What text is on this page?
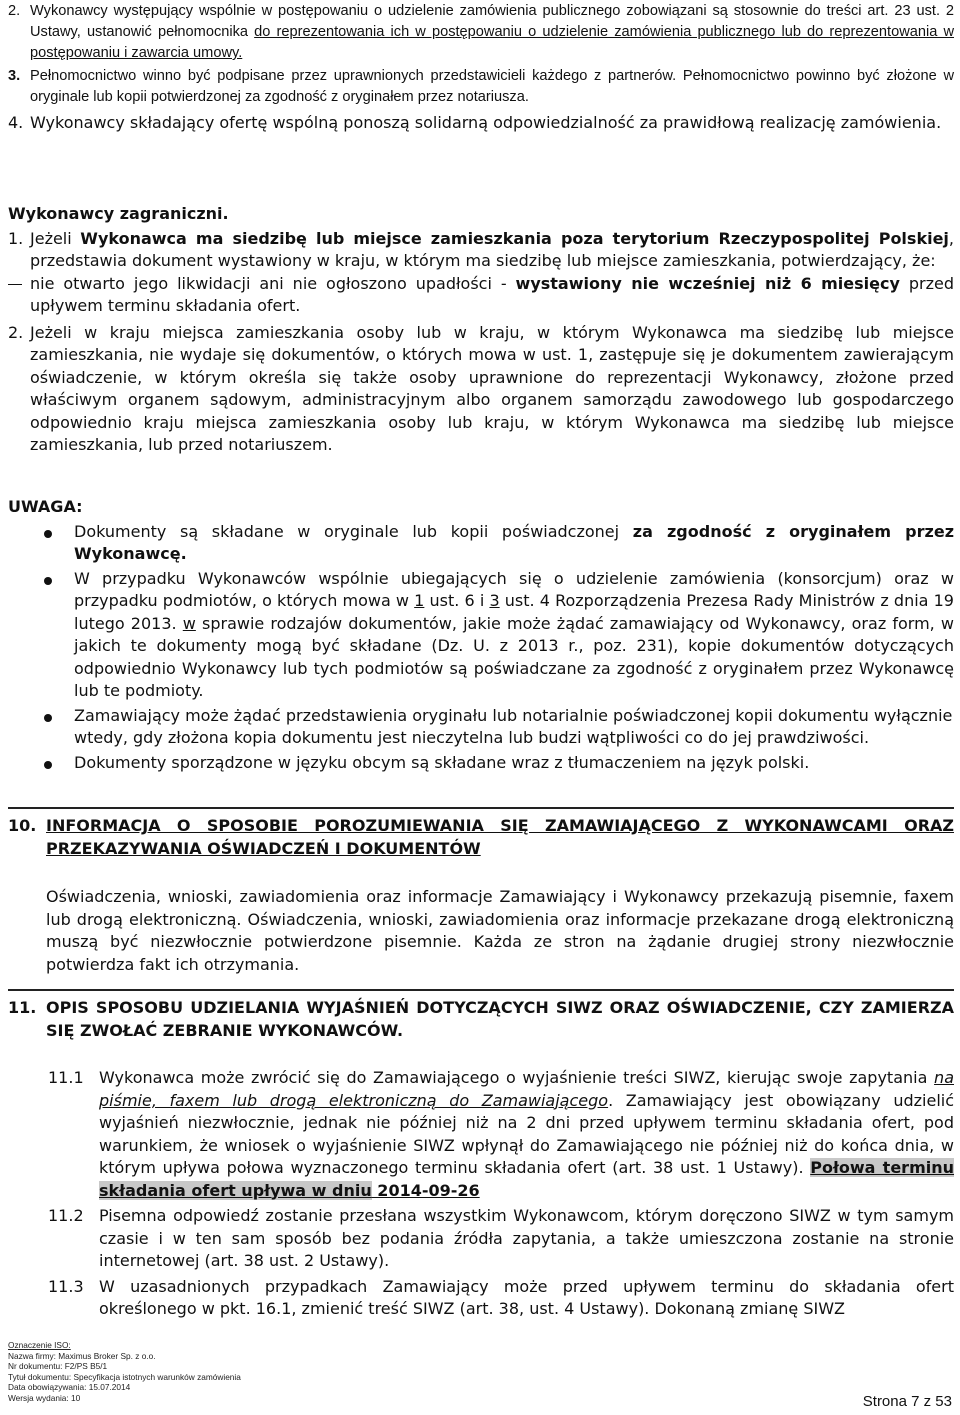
2. Wykonawcy występujący wspólnie w postępowaniu o udzielenie zamówienia publicznego zobowiązani są stosownie do treści art. 23 ust. 2 Ustawy, ustanowić pełnomocnika do reprezentowania ich w postępowaniu o udzielenie zamówienia publicznego lub do reprezentowania w postępowaniu i zawarcia umowy.
3. Pełnomocnictwo winno być podpisane przez uprawnionych przedstawicieli każdego z partnerów. Pełnomocnictwo powinno być złożone w oryginale lub kopii potwierdzonej za zgodność z oryginałem przez notariusza.
4. Wykonawcy składający ofertę wspólną ponoszą solidarną odpowiedzialność za prawidłową realizację zamówienia.
Wykonawcy zagraniczni.
1. Jeżeli Wykonawca ma siedzibę lub miejsce zamieszkania poza terytorium Rzeczypospolitej Polskiej, przedstawia dokument wystawiony w kraju, w którym ma siedzibę lub miejsce zamieszkania, potwierdzający, że:
nie otwarto jego likwidacji ani nie ogłoszono upadłości - wystawiony nie wcześniej niż 6 miesięcy przed upływem terminu składania ofert.
2. Jeżeli w kraju miejsca zamieszkania osoby lub w kraju, w którym Wykonawca ma siedzibę lub miejsce zamieszkania, nie wydaje się dokumentów, o których mowa w ust. 1, zastępuje się je dokumentem zawierającym oświadczenie, w którym określa się także osoby uprawnione do reprezentacji Wykonawcy, złożone przed właściwym organem sądowym, administracyjnym albo organem samorządu zawodowego lub gospodarczego odpowiednio kraju miejsca zamieszkania osoby lub kraju, w którym Wykonawca ma siedzibę lub miejsce zamieszkania, lub przed notariuszem.
UWAGA:
Dokumenty są składane w oryginale lub kopii poświadczonej za zgodność z oryginałem przez Wykonawcę.
W przypadku Wykonawców wspólnie ubiegających się o udzielenie zamówienia (konsorcjum) oraz w przypadku podmiotów, o których mowa w 1 ust. 6 i 3 ust. 4 Rozporządzenia Prezesa Rady Ministrów z dnia 19 lutego 2013. w sprawie rodzajów dokumentów, jakie może żądać zamawiający od Wykonawcy, oraz form, w jakich te dokumenty mogą być składane (Dz. U. z 2013 r., poz. 231), kopie dokumentów dotyczących odpowiednio Wykonawcy lub tych podmiotów są poświadczane za zgodność z oryginałem przez Wykonawcę lub te podmioty.
Zamawiający może żądać przedstawienia oryginału lub notarialnie poświadczonej kopii dokumentu wyłącznie wtedy, gdy złożona kopia dokumentu jest nieczytelna lub budzi wątpliwości co do jej prawdziwości.
Dokumenty sporządzone w języku obcym są składane wraz z tłumaczeniem na język polski.
10. INFORMACJA O SPOSOBIE POROZUMIEWANIA SIĘ ZAMAWIAJĄCEGO Z WYKONAWCAMI ORAZ PRZEKAZYWANIA OŚWIADCZEŃ I DOKUMENTÓW
Oświadczenia, wnioski, zawiadomienia oraz informacje Zamawiający i Wykonawcy przekazują pisemnie, faxem lub drogą elektroniczną. Oświadczenia, wnioski, zawiadomienia oraz informacje przekazane drogą elektroniczną muszą być niezwłocznie potwierdzone pisemnie. Każda ze stron na żądanie drugiej strony niezwłocznie potwierdza fakt ich otrzymania.
11. OPIS SPOSOBU UDZIELANIA WYJAŚNIEŃ DOTYCZĄCYCH SIWZ ORAZ OŚWIADCZENIE, CZY ZAMIERZA SIĘ ZWOŁAĆ ZEBRANIE WYKONAWCÓW.
11.1 Wykonawca może zwrócić się do Zamawiającego o wyjaśnienie treści SIWZ, kierując swoje zapytania na piśmie, faxem lub drogą elektroniczną do Zamawiającego. Zamawiający jest obowiązany udzielić wyjaśnień niezwłocznie, jednak nie później niż na 2 dni przed upływem terminu składania ofert, pod warunkiem, że wniosek o wyjaśnienie SIWZ wpłynął do Zamawiającego nie później niż do końca dnia, w którym upływa połowa wyznaczonego terminu składania ofert (art. 38 ust. 1 Ustawy). Połowa terminu składania ofert upływa w dniu 2014-09-26
11.2 Pisemna odpowiedź zostanie przesłana wszystkim Wykonawcom, którym doręczono SIWZ w tym samym czasie i w ten sam sposób bez podania źródła zapytania, a także umieszczona zostanie na stronie internetowej (art. 38 ust. 2 Ustawy).
11.3 W uzasadnionych przypadkach Zamawiający może przed upływem terminu do składania ofert określonego w pkt. 16.1, zmienić treść SIWZ (art. 38, ust. 4 Ustawy). Dokonaną zmianę SIWZ
Oznaczenie ISO:
Nazwa firmy: Maximus Broker Sp. z o.o.
Nr dokumentu: F2/PS B5/1
Tytuł dokumentu: Specyfikacja istotnych warunków zamówienia
Data obowiązywania: 15.07.2014
Wersja wydania: 10	Strona 7 z 53
